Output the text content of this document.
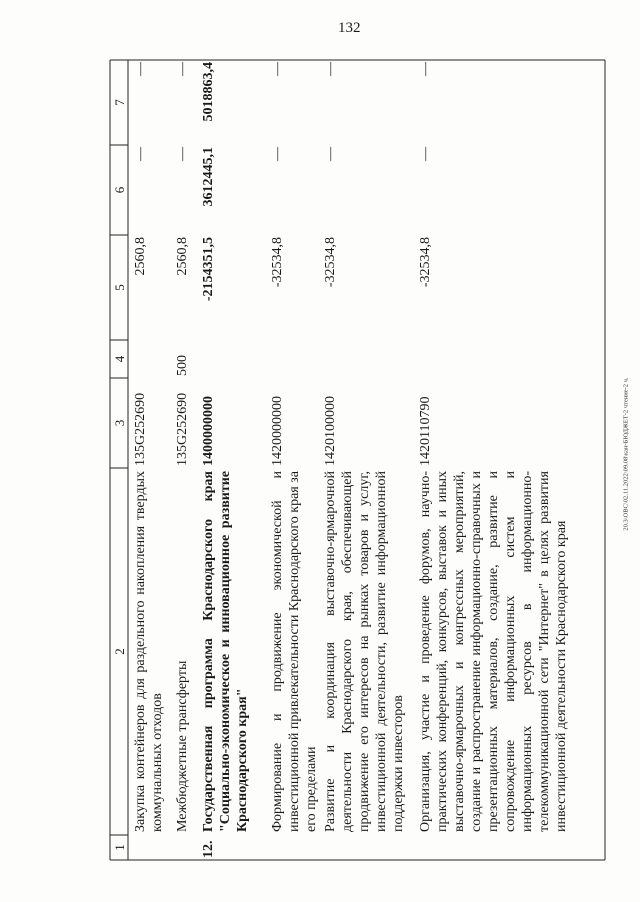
132
20.3\ОВС\02.11.2022\09.08\кан-БЮДЖЕТ-2 чтение-2 ч.
1
2
3
4
5
6
7
Закупка контейнеров для раздельного накопления твердых коммунальных отходов
135G252690
2560,8
—
—
Межбюджетные трансферты
135G252690
500
2560,8
—
—
12.
Государственная программа Краснодарского края "Социально-экономическое и инновационное развитие Краснодарского края"
1400000000
-2154351,5
3612445,1
5018863,4
Формирование и продвижение экономической и инвестиционной привлекательности Краснодарского края за его пределами
1420000000
-32534,8
—
—
Развитие и координация выставочно-ярмарочной деятельности Краснодарского края, обеспечивающей продвижение его интересов на рынках товаров и услуг, инвестиционной деятельности, развитие информационной поддержки инвесторов
1420100000
-32534,8
—
—
Организация, участие и проведение форумов, научно-практических конференций, конкурсов, выставок и иных выставочно-ярмарочных и конгрессных мероприятий, создание и распространение информационно-справочных и презентационных материалов, создание, развитие и сопровождение информационных систем и информационных ресурсов в информационно-телекоммуникационной сети "Интернет" в целях развития инвестиционной деятельности Краснодарского края
1420110790
-32534,8
—
—
